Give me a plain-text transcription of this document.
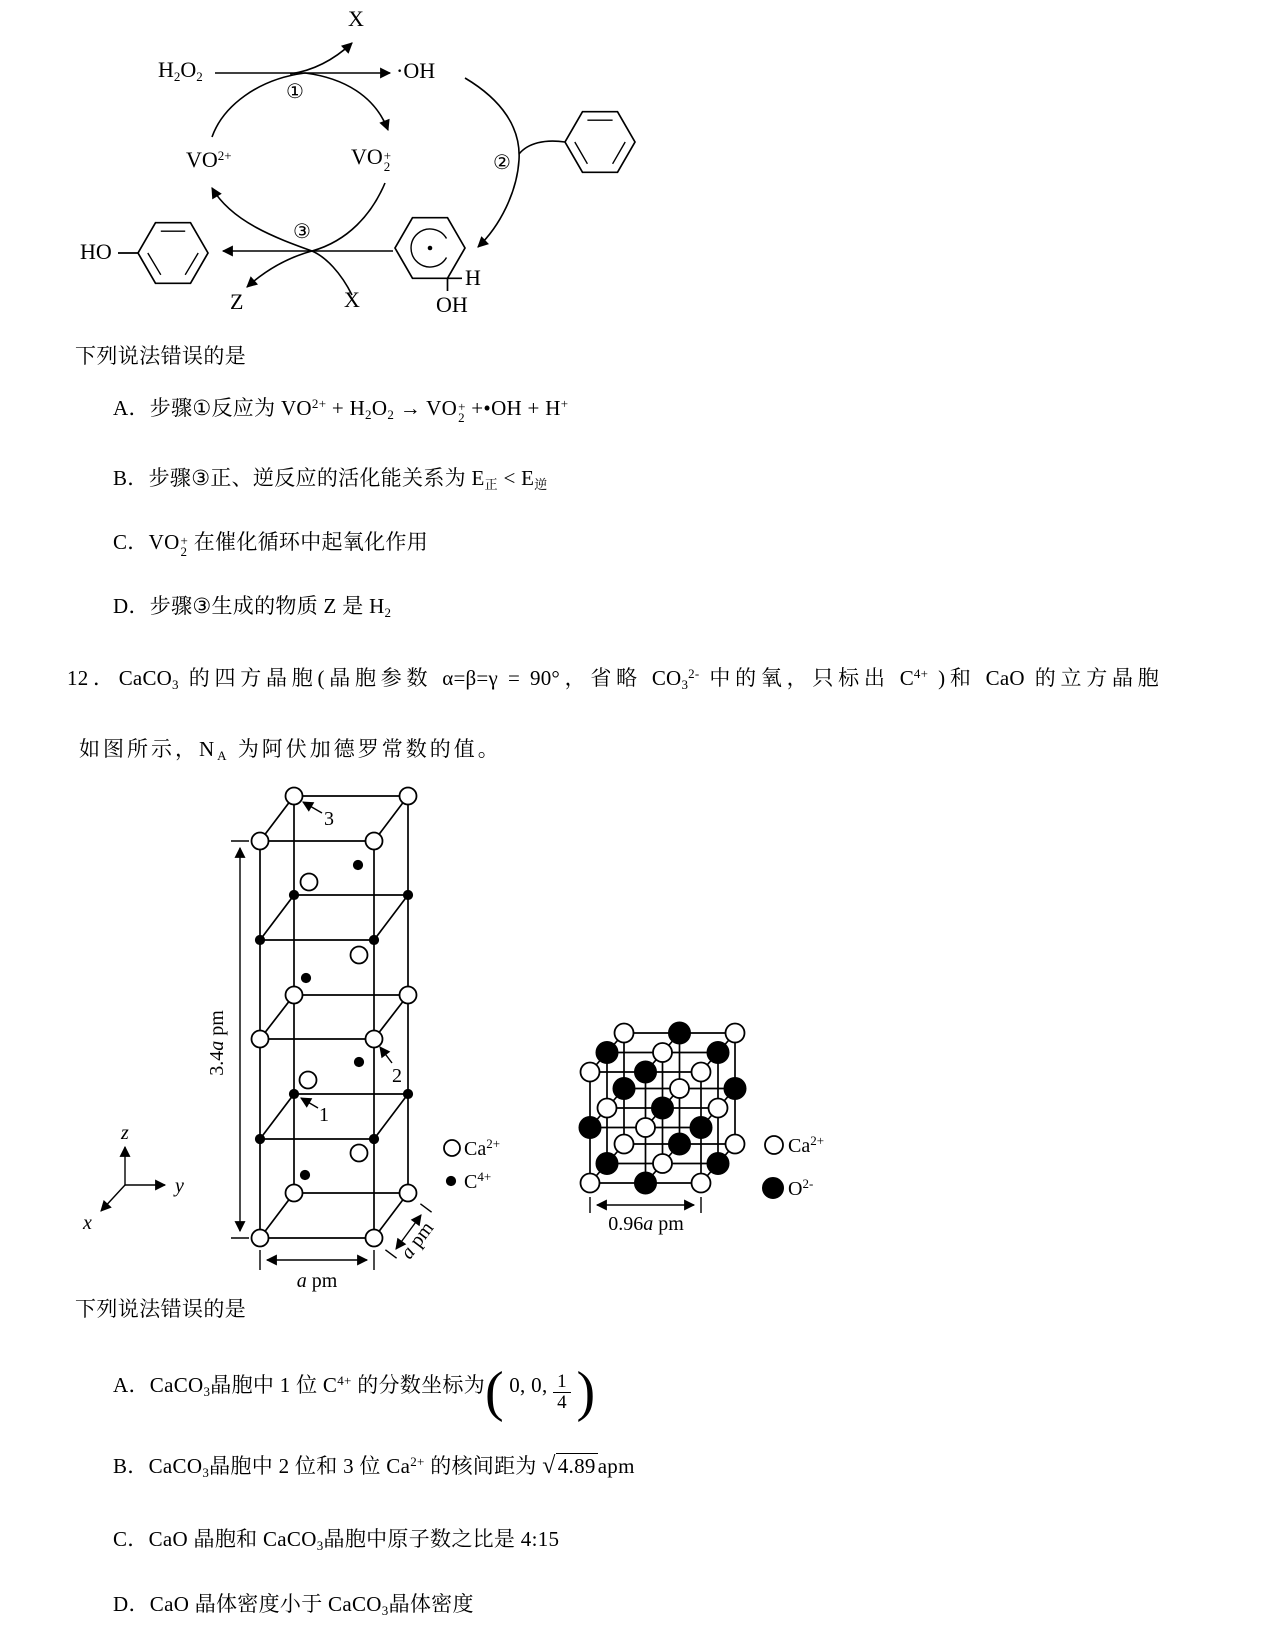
X
$H_2O_2$	·OH
$VO^{2+}$	VO +
2
①
②
③
Z	X
HO
H
OH
下列说法错误的是
A．步骤①反应为 $VO^{2+} + H_2O_2$ → VO +
2 +•OH + H+
B．步骤③正、逆反应的活化能关系为 $E_正 < E_逆$
C．VO +
2 在催化循环中起氧化作用
D．步骤③生成的物质 Z 是 $H_2$
12．CaCO$_3$ 的四方晶胞(晶胞参数 α=β=γ = 90°，省略 $CO_3^{2-}$ 中的氧，只标出 $C^{4+}$ )和 CaO 的立方晶胞
如图所示，$N_A$ 为阿伏加德罗常数的值。
3
2
1
3.4apm
a pm
apm
z
y
x
$Ca^{2+}$
$C^{4+}$
0.96a pm
$Ca^{2+}$
$O^{2-}$
下列说法错误的是
A．CaCO$_3$晶胞中 1 位 $C^{4+}$ 的分数坐标为( 0, 0, $\frac{1}{4}$ )
B．CaCO$_3$晶胞中 2 位和 3 位 $Ca^{2+}$ 的核间距为 √4.89apm
C．CaO 晶胞和 CaCO$_3$晶胞中原子数之比是 4:15
D．CaO 晶体密度小于 CaCO$_3$晶体密度
